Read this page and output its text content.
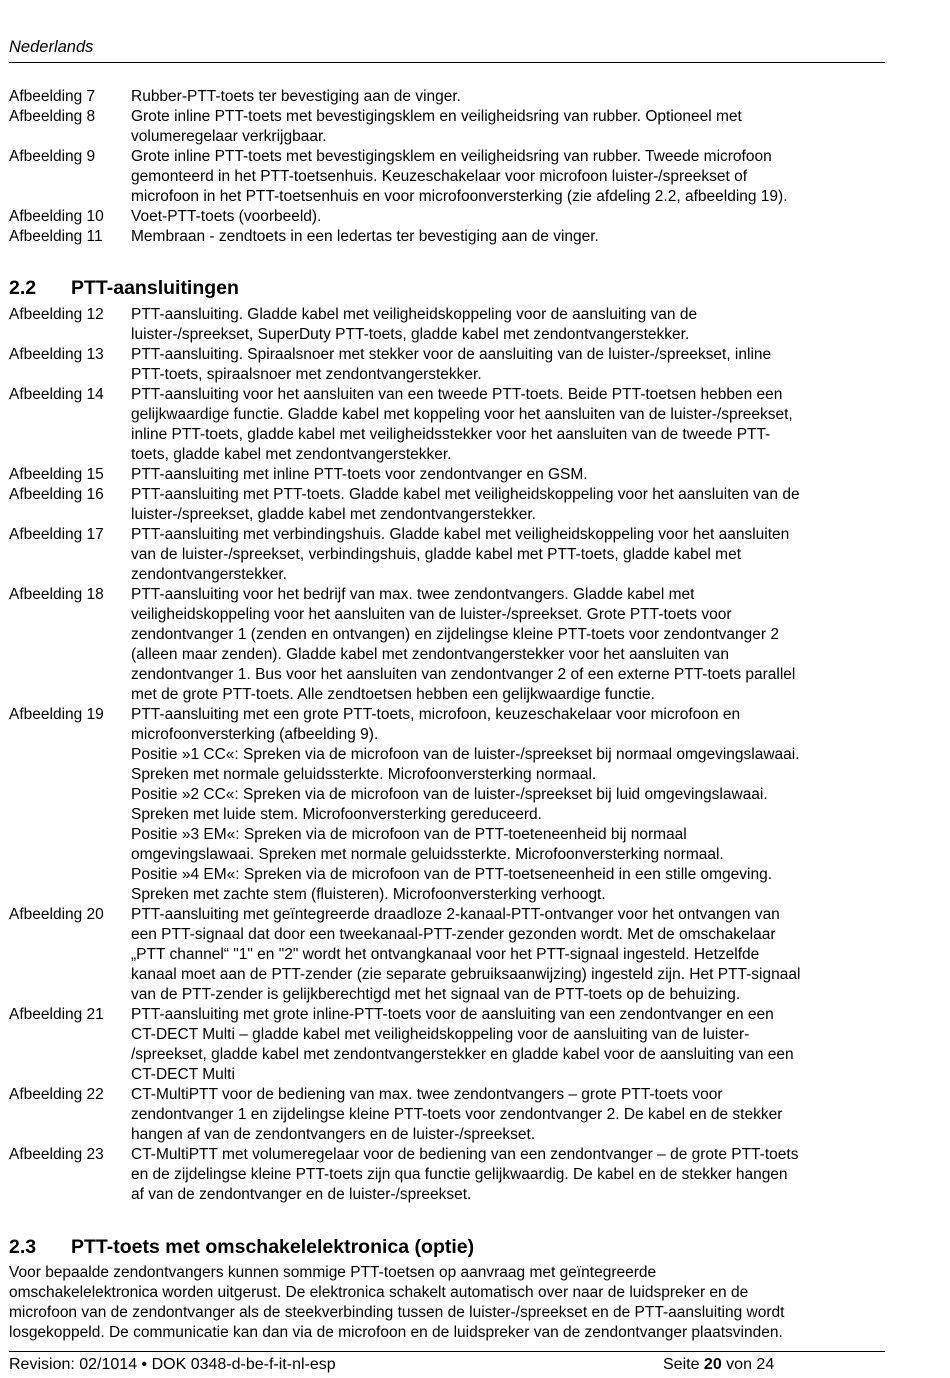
Nederlands
Afbeelding 7	Rubber-PTT-toets ter bevestiging aan de vinger.
Afbeelding 8	Grote inline PTT-toets met bevestigingsklem en veiligheidsring van rubber. Optioneel met
volumeregelaar verkrijgbaar.
Afbeelding 9	Grote inline PTT-toets met bevestigingsklem en veiligheidsring van rubber. Tweede microfoon
gemonteerd in het PTT-toetsenhuis. Keuzeschakelaar voor microfoon luister-/spreekset of
microfoon in het PTT-toetsenhuis en voor microfoonversterking (zie afdeling 2.2, afbeelding 19).
Afbeelding 10	Voet-PTT-toets (voorbeeld).
Afbeelding 11	Membraan - zendtoets in een ledertas ter bevestiging aan de vinger.
2.2 PTT-aansluitingen
Afbeelding 12	PTT-aansluiting. Gladde kabel met veiligheidskoppeling voor de aansluiting van de
luister-/spreekset, SuperDuty PTT-toets, gladde kabel met zendontvangerstekker.
Afbeelding 13	PTT-aansluiting. Spiraalsnoer met stekker voor de aansluiting van de luister-/spreekset, inline
PTT-toets, spiraalsnoer met zendontvangerstekker.
Afbeelding 14	PTT-aansluiting voor het aansluiten van een tweede PTT-toets. Beide PTT-toetsen hebben een
gelijkwaardige functie. Gladde kabel met koppeling voor het aansluiten van de luister-/spreekset,
inline PTT-toets, gladde kabel met veiligheidsstekker voor het aansluiten van de tweede PTT-
toets, gladde kabel met zendontvangerstekker.
Afbeelding 15	PTT-aansluiting met inline PTT-toets voor zendontvanger en GSM.
Afbeelding 16	PTT-aansluiting met PTT-toets. Gladde kabel met veiligheidskoppeling voor het aansluiten van de
luister-/spreekset, gladde kabel met zendontvangerstekker.
Afbeelding 17	PTT-aansluiting met verbindingshuis. Gladde kabel met veiligheidskoppeling voor het aansluiten
van de luister-/spreekset, verbindingshuis, gladde kabel met PTT-toets, gladde kabel met
zendontvangerstekker.
Afbeelding 18	PTT-aansluiting voor het bedrijf van max. twee zendontvangers. Gladde kabel met
veiligheidskoppeling voor het aansluiten van de luister-/spreekset. Grote PTT-toets voor
zendontvanger 1 (zenden en ontvangen) en zijdelingse kleine PTT-toets voor zendontvanger 2
(alleen maar zenden). Gladde kabel met zendontvangerstekker voor het aansluiten van
zendontvanger 1. Bus voor het aansluiten van zendontvanger 2 of een externe PTT-toets parallel
met de grote PTT-toets. Alle zendtoetsen hebben een gelijkwaardige functie.
Afbeelding 19	PTT-aansluiting met een grote PTT-toets, microfoon, keuzeschakelaar voor microfoon en
microfoonversterking (afbeelding 9).
Positie »1 CC«: Spreken via de microfoon van de luister-/spreekset bij normaal omgevingslawaai.
Spreken met normale geluidssterkte. Microfoonversterking normaal.
Positie »2 CC«: Spreken via de microfoon van de luister-/spreekset bij luid omgevingslawaai.
Spreken met luide stem. Microfoonversterking gereduceerd.
Positie »3 EM«: Spreken via de microfoon van de PTT-toeteneenheid bij normaal
omgevingslawaai. Spreken met normale geluidssterkte. Microfoonversterking normaal.
Positie »4 EM«: Spreken via de microfoon van de PTT-toetseneenheid in een stille omgeving.
Spreken met zachte stem (fluisteren). Microfoonversterking verhoogt.
Afbeelding 20	PTT-aansluiting met geïntegreerde draadloze 2-kanaal-PTT-ontvanger voor het ontvangen van
een PTT-signaal dat door een tweekanaal-PTT-zender gezonden wordt. Met de omschakelaar
„PTT channel“ "1" en "2" wordt het ontvangkanaal voor het PTT-signaal ingesteld. Hetzelfde
kanaal moet aan de PTT-zender (zie separate gebruiksaanwijzing) ingesteld zijn. Het PTT-signaal
van de PTT-zender is gelijkberechtigd met het signaal van de PTT-toets op de behuizing.
Afbeelding 21	PTT-aansluiting met grote inline-PTT-toets voor de aansluiting van een zendontvanger en een
CT-DECT Multi – gladde kabel met veiligheidskoppeling voor de aansluiting van de luister-
/spreekset, gladde kabel met zendontvangerstekker en gladde kabel voor de aansluiting van een
CT-DECT Multi
Afbeelding 22	CT-MultiPTT voor de bediening van max. twee zendontvangers – grote PTT-toets voor
zendontvanger 1 en zijdelingse kleine PTT-toets voor zendontvanger 2. De kabel en de stekker
hangen af van de zendontvangers en de luister-/spreekset.
Afbeelding 23	CT-MultiPTT met volumeregelaar voor de bediening van een zendontvanger – de grote PTT-toets
en de zijdelingse kleine PTT-toets zijn qua functie gelijkwaardig. De kabel en de stekker hangen
af van de zendontvanger en de luister-/spreekset.
2.3 PTT-toets met omschakelelektronica (optie)
Voor bepaalde zendontvangers kunnen sommige PTT-toetsen op aanvraag met geïntegreerde
omschakelelektronica worden uitgerust. De elektronica schakelt automatisch over naar de luidspreker en de
microfoon van de zendontvanger als de steekverbinding tussen de luister-/spreekset en de PTT-aansluiting wordt
losgekoppeld. De communicatie kan dan via de microfoon en de luidspreker van de zendontvanger plaatsvinden.
Revision: 02/1014 • DOK 0348-d-be-f-it-nl-esp	Seite 20 von 24
